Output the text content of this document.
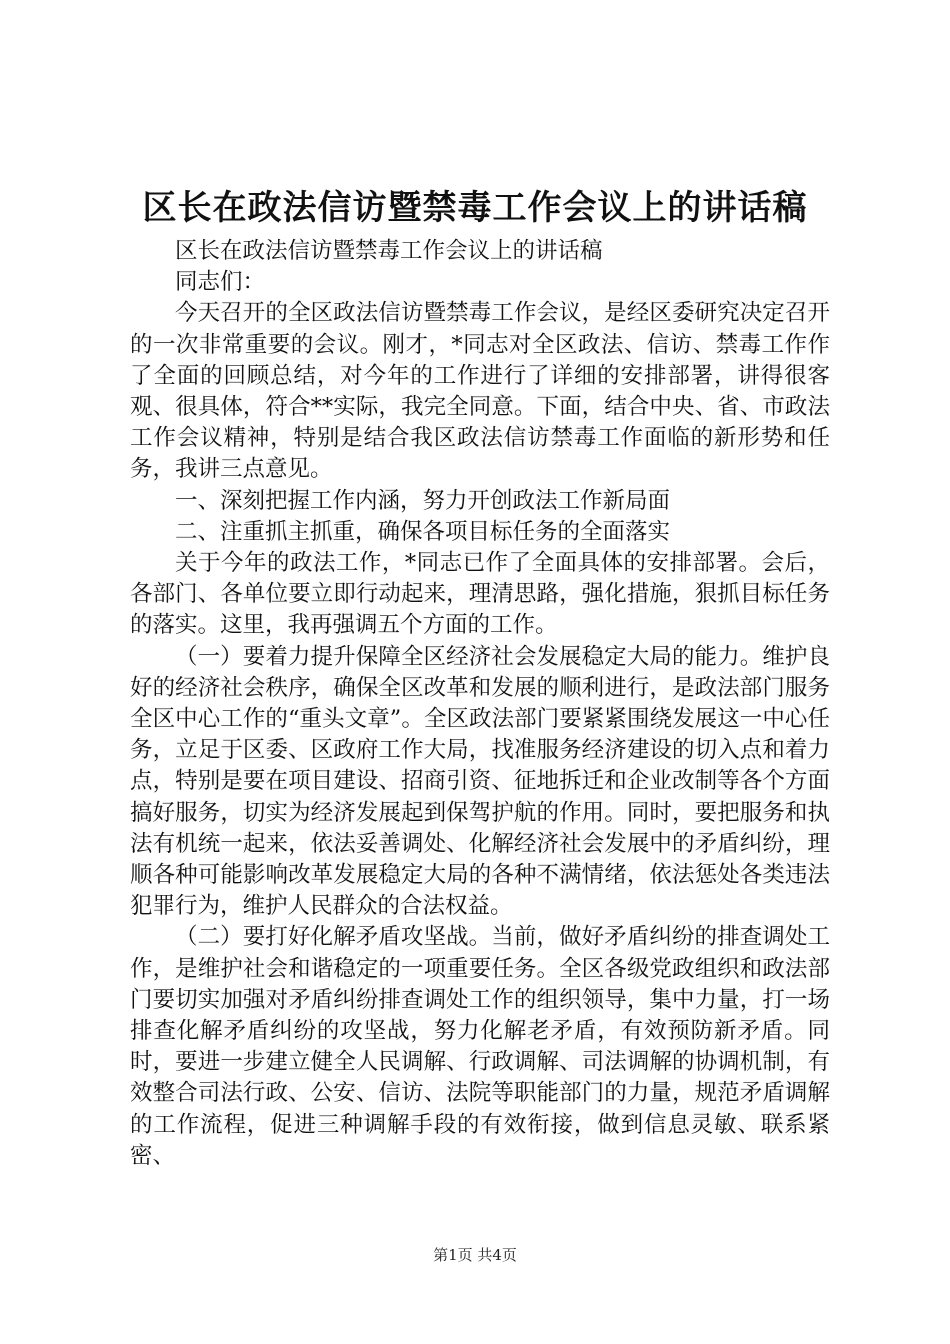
区长在政法信访暨禁毒工作会议上的讲话稿

区长在政法信访暨禁毒工作会议上的讲话稿

同志们：

今天召开的全区政法信访暨禁毒工作会议，是经区委研究决定召开的一次非常重要的会议。刚才，*同志对全区政法、信访、禁毒工作作了全面的回顾总结，对今年的工作进行了详细的安排部署，讲得很客观、很具体，符合**实际，我完全同意。下面，结合中央、省、市政法工作会议精神，特别是结合我区政法信访禁毒工作面临的新形势和任务，我讲三点意见。

一、深刻把握工作内涵，努力开创政法工作新局面

二、注重抓主抓重，确保各项目标任务的全面落实

关于今年的政法工作，*同志已作了全面具体的安排部署。会后，各部门、各单位要立即行动起来，理清思路，强化措施，狠抓目标任务的落实。这里，我再强调五个方面的工作。

（一）要着力提升保障全区经济社会发展稳定大局的能力。维护良好的经济社会秩序，确保全区改革和发展的顺利进行，是政法部门服务全区中心工作的“重头文章”。全区政法部门要紧紧围绕发展这一中心任务，立足于区委、区政府工作大局，找准服务经济建设的切入点和着力点，特别是要在项目建设、招商引资、征地拆迁和企业改制等各个方面搞好服务，切实为经济发展起到保驾护航的作用。同时，要把服务和执法有机统一起来，依法妥善调处、化解经济社会发展中的矛盾纠纷，理顺各种可能影响改革发展稳定大局的各种不满情绪，依法惩处各类违法犯罪行为，维护人民群众的合法权益。

（二）要打好化解矛盾攻坚战。当前，做好矛盾纠纷的排查调处工作，是维护社会和谐稳定的一项重要任务。全区各级党政组织和政法部门要切实加强对矛盾纠纷排查调处工作的组织领导，集中力量，打一场排查化解矛盾纠纷的攻坚战，努力化解老矛盾，有效预防新矛盾。同时，要进一步建立健全人民调解、行政调解、司法调解的协调机制，有效整合司法行政、公安、信访、法院等职能部门的力量，规范矛盾调解的工作流程，促进三种调解手段的有效衔接，做到信息灵敏、联系紧密、

第1页 共4页
